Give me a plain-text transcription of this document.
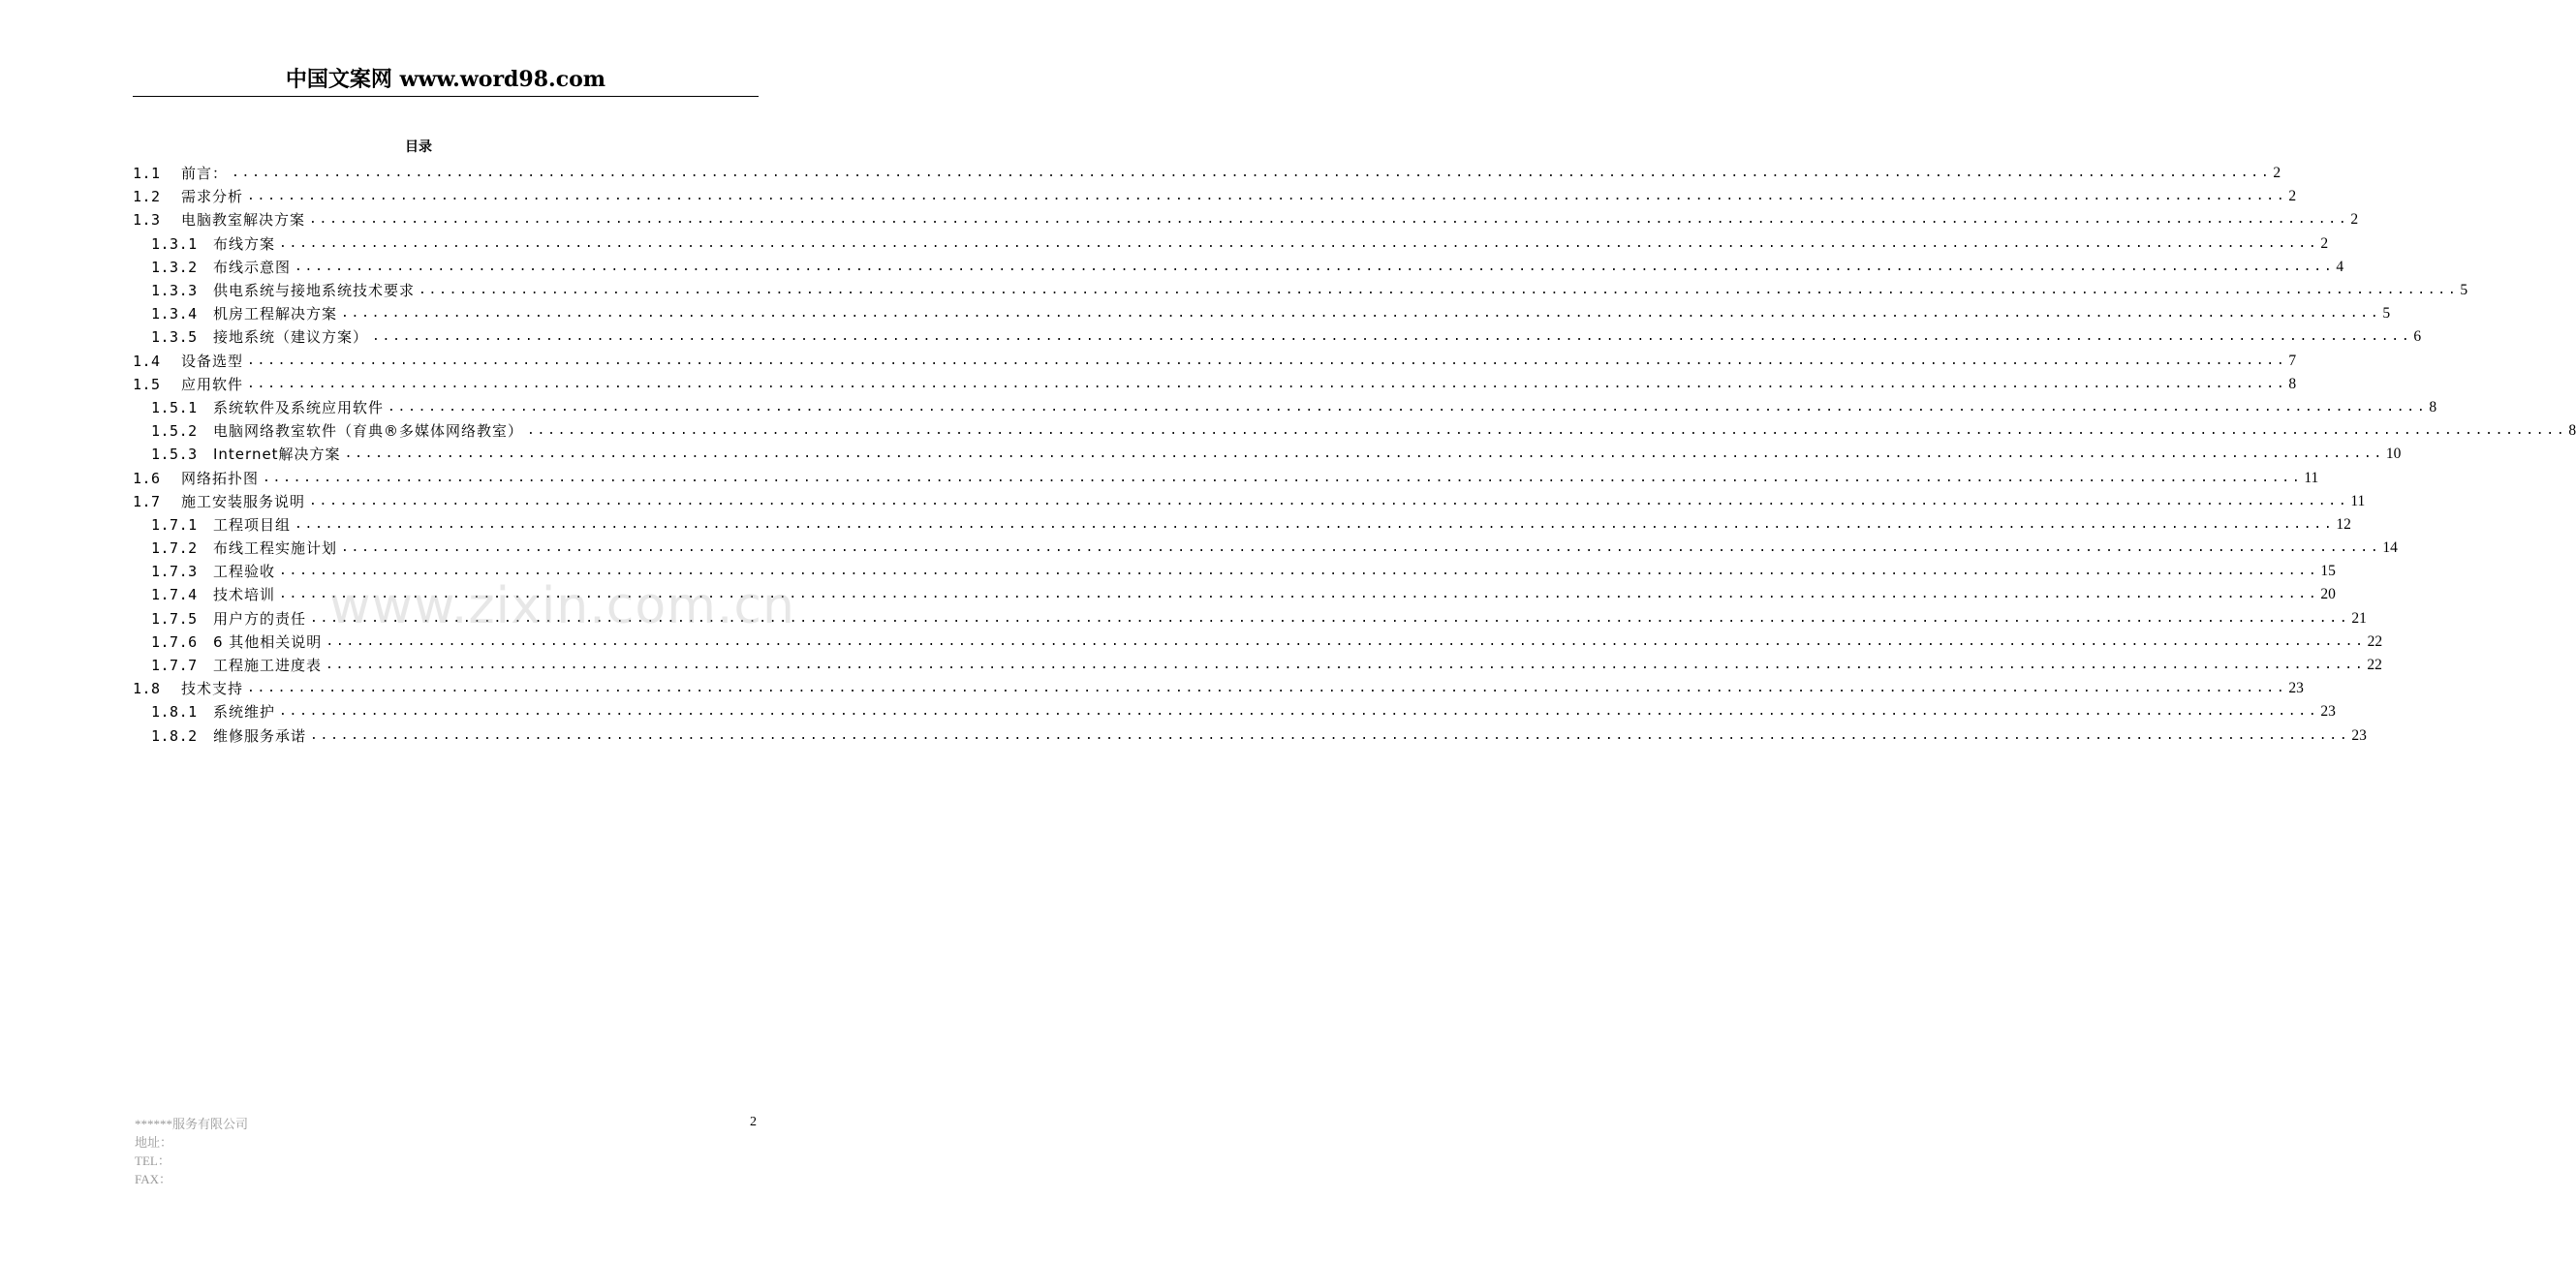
中国文案网 www.word98.com
目录
1.1	前言： ........................................................................................................................................................................................................ 2
1.2	需求分析 ........................................................................................................................................................................................................ 2
1.3	电脑教室解决方案 ........................................................................................................................................................................................................ 2
1.3.1	布线方案 ........................................................................................................................................................................................................ 2
1.3.2	布线示意图 ........................................................................................................................................................................................................ 4
1.3.3	供电系统与接地系统技术要求 ........................................................................................................................................................................................................ 5
1.3.4	机房工程解决方案 ........................................................................................................................................................................................................ 5
1.3.5	接地系统（建议方案） ........................................................................................................................................................................................................ 6
1.4	设备选型 ........................................................................................................................................................................................................ 7
1.5	应用软件 ........................................................................................................................................................................................................ 8
1.5.1	系统软件及系统应用软件 ........................................................................................................................................................................................................ 8
1.5.2	电脑网络教室软件（育典®多媒体网络教室） ........................................................................................................................................................................................................ 8
1.5.3	Internet解决方案 ........................................................................................................................................................................................................ 10
1.6	网络拓扑图 ........................................................................................................................................................................................................ 11
1.7	施工安装服务说明 ........................................................................................................................................................................................................ 11
1.7.1	工程项目组 ........................................................................................................................................................................................................ 12
1.7.2	布线工程实施计划 ........................................................................................................................................................................................................ 14
1.7.3	工程验收 ........................................................................................................................................................................................................ 15
1.7.4	技术培训 ........................................................................................................................................................................................................ 20
1.7.5	用户方的责任 ........................................................................................................................................................................................................ 21
1.7.6	6 其他相关说明 ........................................................................................................................................................................................................ 22
1.7.7	工程施工进度表 ........................................................................................................................................................................................................ 22
1.8	技术支持 ........................................................................................................................................................................................................ 23
1.8.1	系统维护 ........................................................................................................................................................................................................ 23
1.8.2	维修服务承诺 ........................................................................................................................................................................................................ 23
www.zixin.com.cn
******服务有限公司
地址：
TEL：
FAX：
2
